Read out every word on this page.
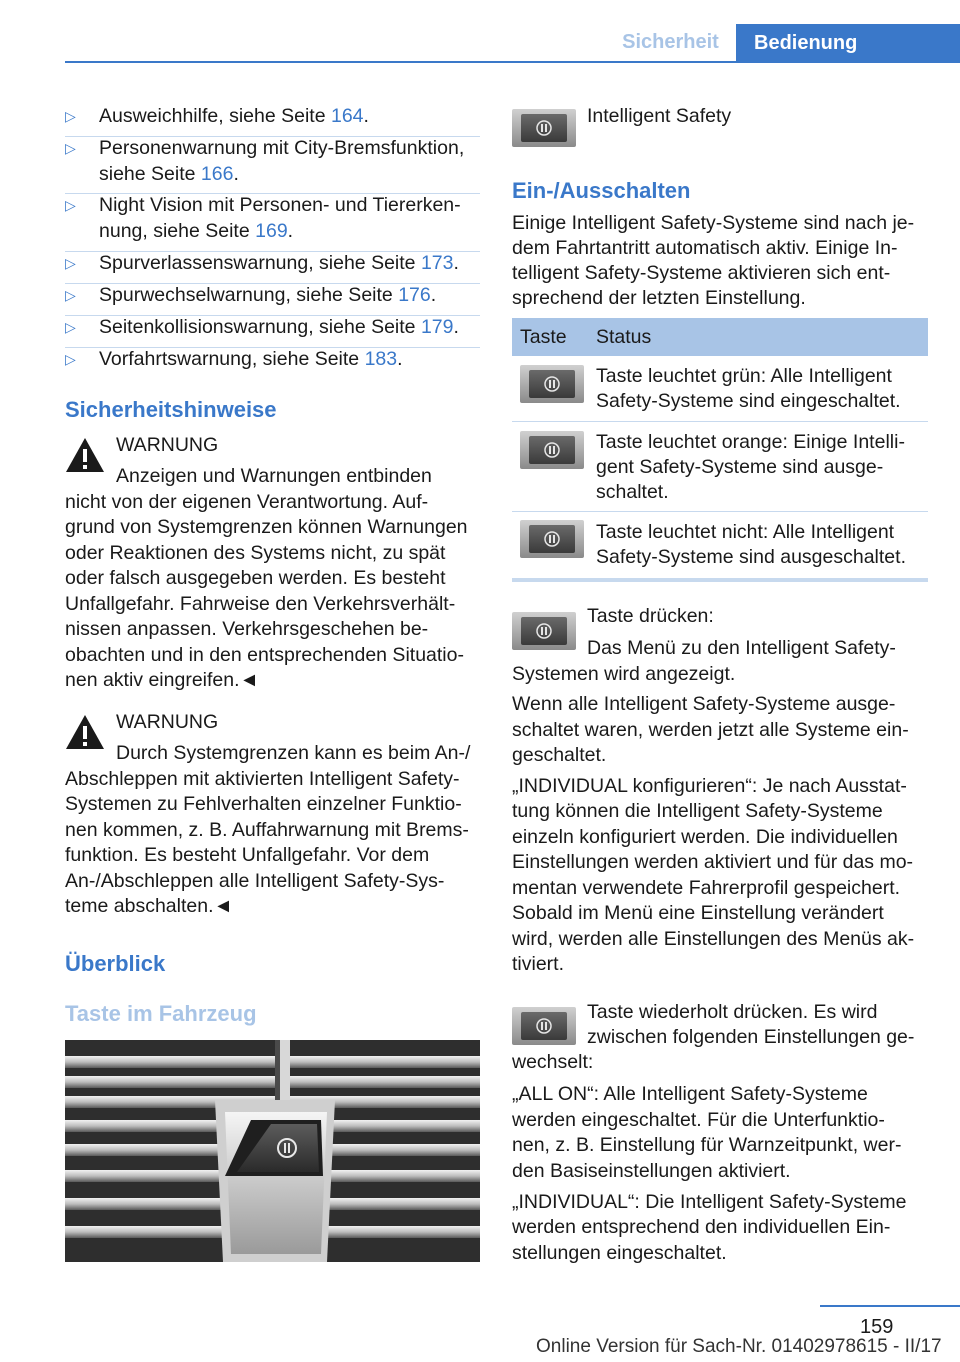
Sicherheit	Bedienung
▷ Ausweichhilfe, siehe Seite 164.
▷ Personenwarnung mit City-Bremsfunktion,
siehe Seite 166.
▷ Night Vision mit Personen- und Tiererken-
nung, siehe Seite 169.
▷ Spurverlassenswarnung, siehe Seite 173.
▷ Spurwechselwarnung, siehe Seite 176.
▷ Seitenkollisionswarnung, siehe Seite 179.
▷ Vorfahrtswarnung, siehe Seite 183.
Sicherheitshinweise
WARNUNG
Anzeigen und Warnungen entbinden
nicht von der eigenen Verantwortung. Auf-
grund von Systemgrenzen können Warnungen
oder Reaktionen des Systems nicht, zu spät
oder falsch ausgegeben werden. Es besteht
Unfallgefahr. Fahrweise den Verkehrsverhält-
nissen anpassen. Verkehrsgeschehen be-
obachten und in den entsprechenden Situatio-
nen aktiv eingreifen.◄
WARNUNG
Durch Systemgrenzen kann es beim An-/
Abschleppen mit aktivierten Intelligent Safety-
Systemen zu Fehlverhalten einzelner Funktio-
nen kommen, z. B. Auffahrwarnung mit Brems-
funktion. Es besteht Unfallgefahr. Vor dem
An-/Abschleppen alle Intelligent Safety-Sys-
teme abschalten.◄
Überblick
Taste im Fahrzeug
Intelligent Safety
Ein-/Ausschalten
Einige Intelligent Safety-Systeme sind nach je-
dem Fahrtantritt automatisch aktiv. Einige In-
telligent Safety-Systeme aktivieren sich ent-
sprechend der letzten Einstellung.
Taste Status
Taste leuchtet grün: Alle Intelligent
Safety-Systeme sind eingeschaltet.
Taste leuchtet orange: Einige Intelli-
gent Safety-Systeme sind ausge-
schaltet.
Taste leuchtet nicht: Alle Intelligent
Safety-Systeme sind ausgeschaltet.
Taste drücken:
Das Menü zu den Intelligent Safety-
Systemen wird angezeigt.
Wenn alle Intelligent Safety-Systeme ausge-
schaltet waren, werden jetzt alle Systeme ein-
geschaltet.
„INDIVIDUAL konfigurieren“: Je nach Ausstat-
tung können die Intelligent Safety-Systeme
einzeln konfiguriert werden. Die individuellen
Einstellungen werden aktiviert und für das mo-
mentan verwendete Fahrerprofil gespeichert.
Sobald im Menü eine Einstellung verändert
wird, werden alle Einstellungen des Menüs ak-
tiviert.
Taste wiederholt drücken. Es wird
zwischen folgenden Einstellungen ge-
wechselt:
„ALL ON“: Alle Intelligent Safety-Systeme
werden eingeschaltet. Für die Unterfunktio-
nen, z. B. Einstellung für Warnzeitpunkt, wer-
den Basiseinstellungen aktiviert.
„INDIVIDUAL“: Die Intelligent Safety-Systeme
werden entsprechend den individuellen Ein-
stellungen eingeschaltet.
159
Online Version für Sach-Nr. 01402978615 - II/17
